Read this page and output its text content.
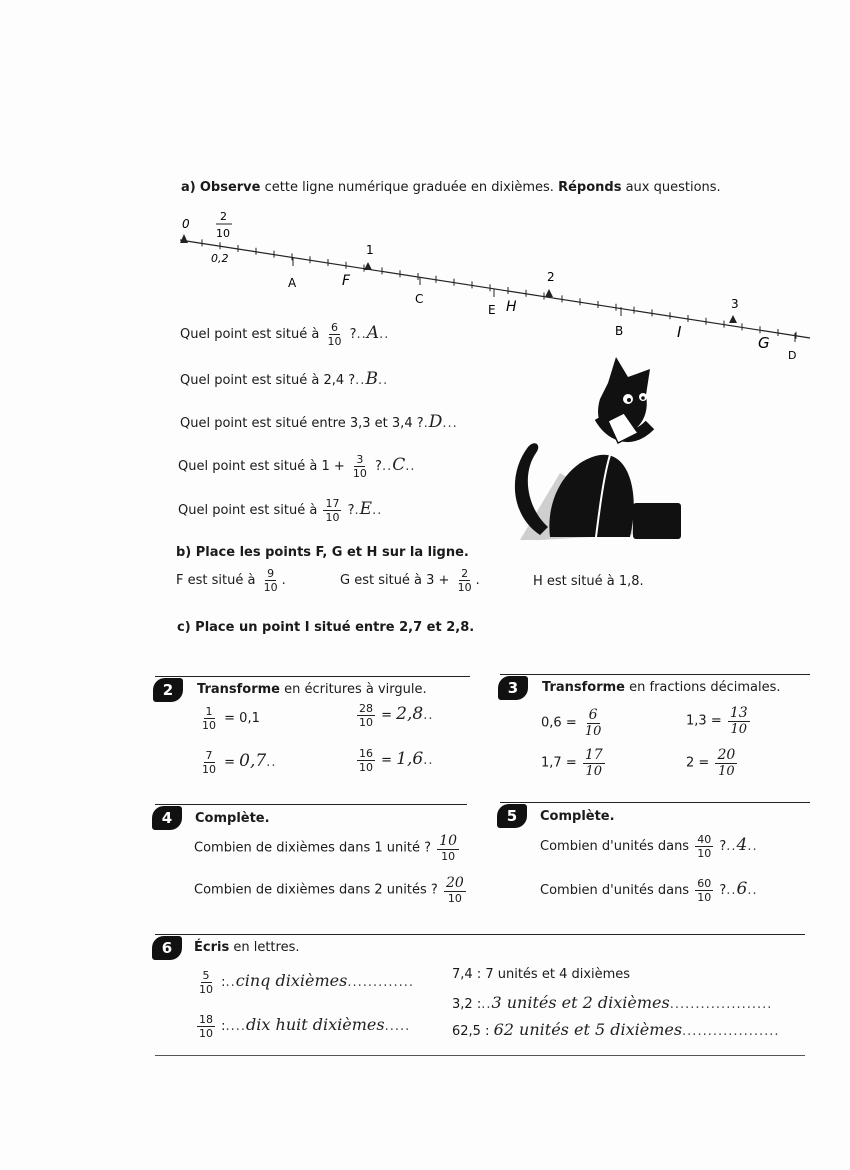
a) Observe cette ligne numérique graduée en dixièmes. Réponds aux questions.
0
2
10
0,2
1
2
3
A	F
C
E H
B	I
G
D
Quel point est situé à $\frac{6}{10}$ ?..A..
Quel point est situé à 2,4 ?..B..
Quel point est situé entre 3,3 et 3,4 ?.D...
Quel point est situé à $1 + \frac{3}{10}$ ?..C..
Quel point est situé à $\frac{17}{10}$ ?.E..
b) Place les points F, G et H sur la ligne.
F est situé à $\frac{9}{10}$ .	G est situé à $3 + \frac{2}{10}$ .	H est situé à 1,8.
c) Place un point I situé entre 2,7 et 2,8.
2	Transforme en écritures à virgule.
$\frac{1}{10} = 0,1$	$\frac{28}{10} = 2,8$..
$\frac{7}{10} = 0,7$..	$\frac{16}{10} = 1,6$..
3	Transforme en fractions décimales.
$0,6 = \frac{6}{10}$	$1,3 = \frac{13}{10}$
$1,7 = \frac{17}{10}$	$2 = \frac{20}{10}$
4	Complète.
Combien de dixièmes dans 1 unité ? $\frac{10}{10}$
Combien de dixièmes dans 2 unités ? $\frac{20}{10}$
5	Complète.
Combien d'unités dans $\frac{40}{10}$ ?..4..
Combien d'unités dans $\frac{60}{10}$ ?..6..
6	Écris en lettres.
$\frac{5}{10}$ :..cinq dixièmes.............
$\frac{18}{10}$ :....dix huit dixièmes.....
7,4 : 7 unités et 4 dixièmes
3,2 :..3 unités et 2 dixièmes....................
62,5 : 62 unités et 5 dixièmes...................
